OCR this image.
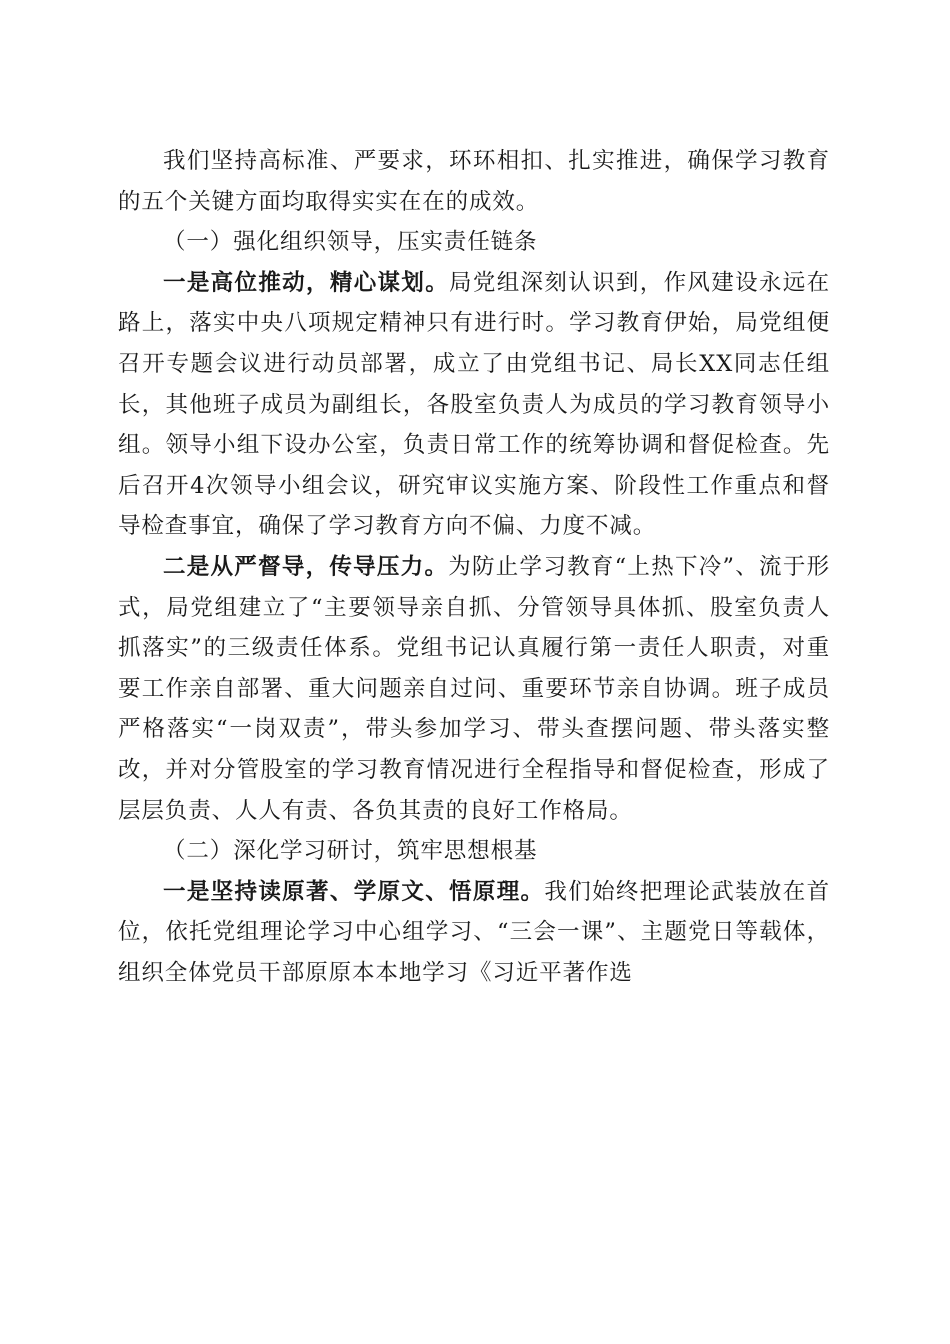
我们坚持高标准、严要求，环环相扣、扎实推进，确保学习教育的五个关键方面均取得实实在在的成效。

（一）强化组织领导，压实责任链条

一是高位推动，精心谋划。局党组深刻认识到，作风建设永远在路上，落实中央八项规定精神只有进行时。学习教育伊始，局党组便召开专题会议进行动员部署，成立了由党组书记、局长XX同志任组长，其他班子成员为副组长，各股室负责人为成员的学习教育领导小组。领导小组下设办公室，负责日常工作的统筹协调和督促检查。先后召开4次领导小组会议，研究审议实施方案、阶段性工作重点和督导检查事宜，确保了学习教育方向不偏、力度不减。

二是从严督导，传导压力。为防止学习教育“上热下冷”、流于形式，局党组建立了“主要领导亲自抓、分管领导具体抓、股室负责人抓落实”的三级责任体系。党组书记认真履行第一责任人职责，对重要工作亲自部署、重大问题亲自过问、重要环节亲自协调。班子成员严格落实“一岗双责”，带头参加学习、带头查摆问题、带头落实整改，并对分管股室的学习教育情况进行全程指导和督促检查，形成了层层负责、人人有责、各负其责的良好工作格局。

（二）深化学习研讨，筑牢思想根基

一是坚持读原著、学原文、悟原理。我们始终把理论武装放在首位，依托党组理论学习中心组学习、“三会一课”、主题党日等载体，组织全体党员干部原原本本地学习《习近平著作选
